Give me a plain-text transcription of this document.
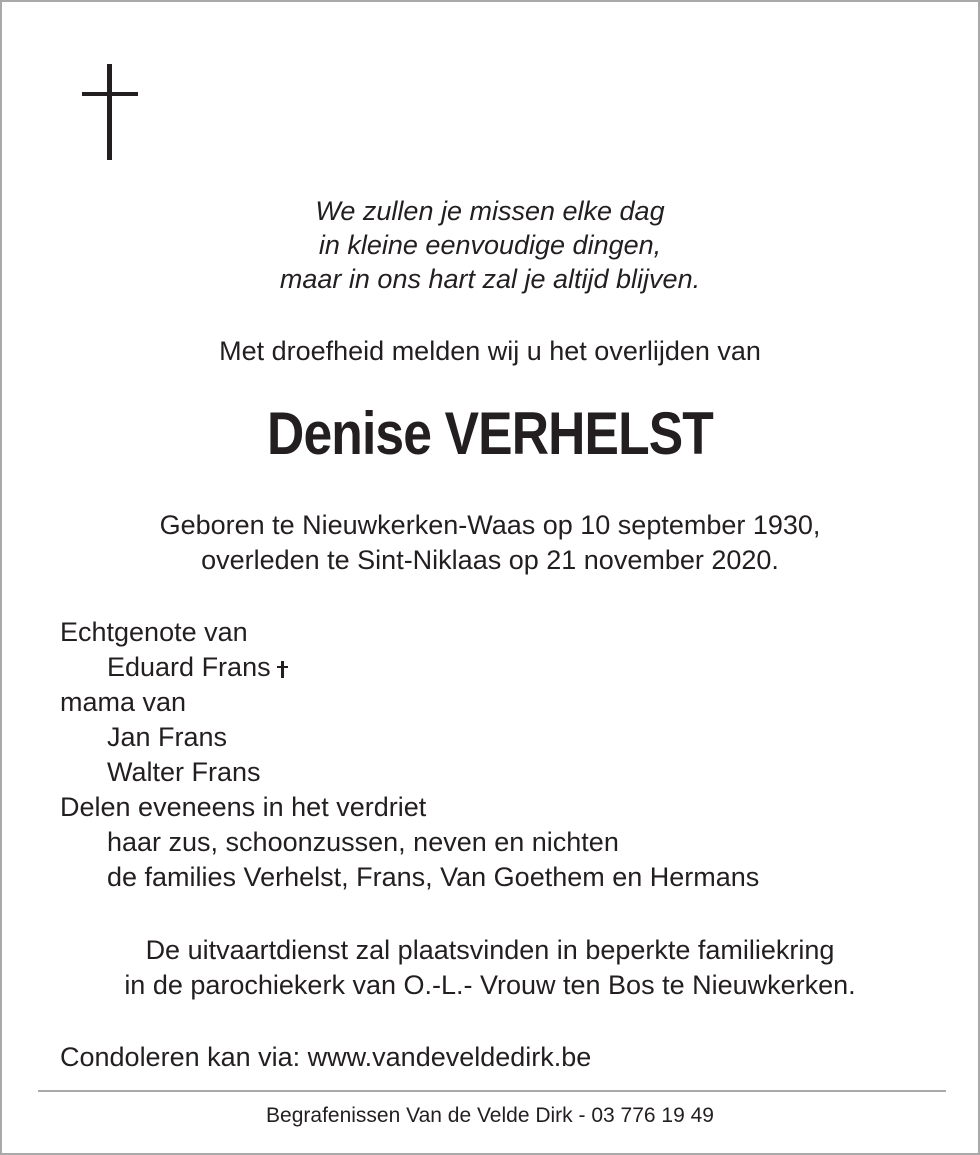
We zullen je missen elke dag
in kleine eenvoudige dingen,
maar in ons hart zal je altijd blijven.
Met droefheid melden wij u het overlijden van
Denise VERHELST
Geboren te Nieuwkerken-Waas op 10 september 1930,
overleden te Sint-Niklaas op 21 november 2020.
Echtgenote van
Eduard Frans
mama van
Jan Frans
Walter Frans
Delen eveneens in het verdriet
haar zus, schoonzussen, neven en nichten
de families Verhelst, Frans, Van Goethem en Hermans
De uitvaartdienst zal plaatsvinden in beperkte familiekring
in de parochiekerk van O.-L.- Vrouw ten Bos te Nieuwkerken.
Condoleren kan via: www.vandeveldedirk.be
Begrafenissen Van de Velde Dirk - 03 776 19 49
